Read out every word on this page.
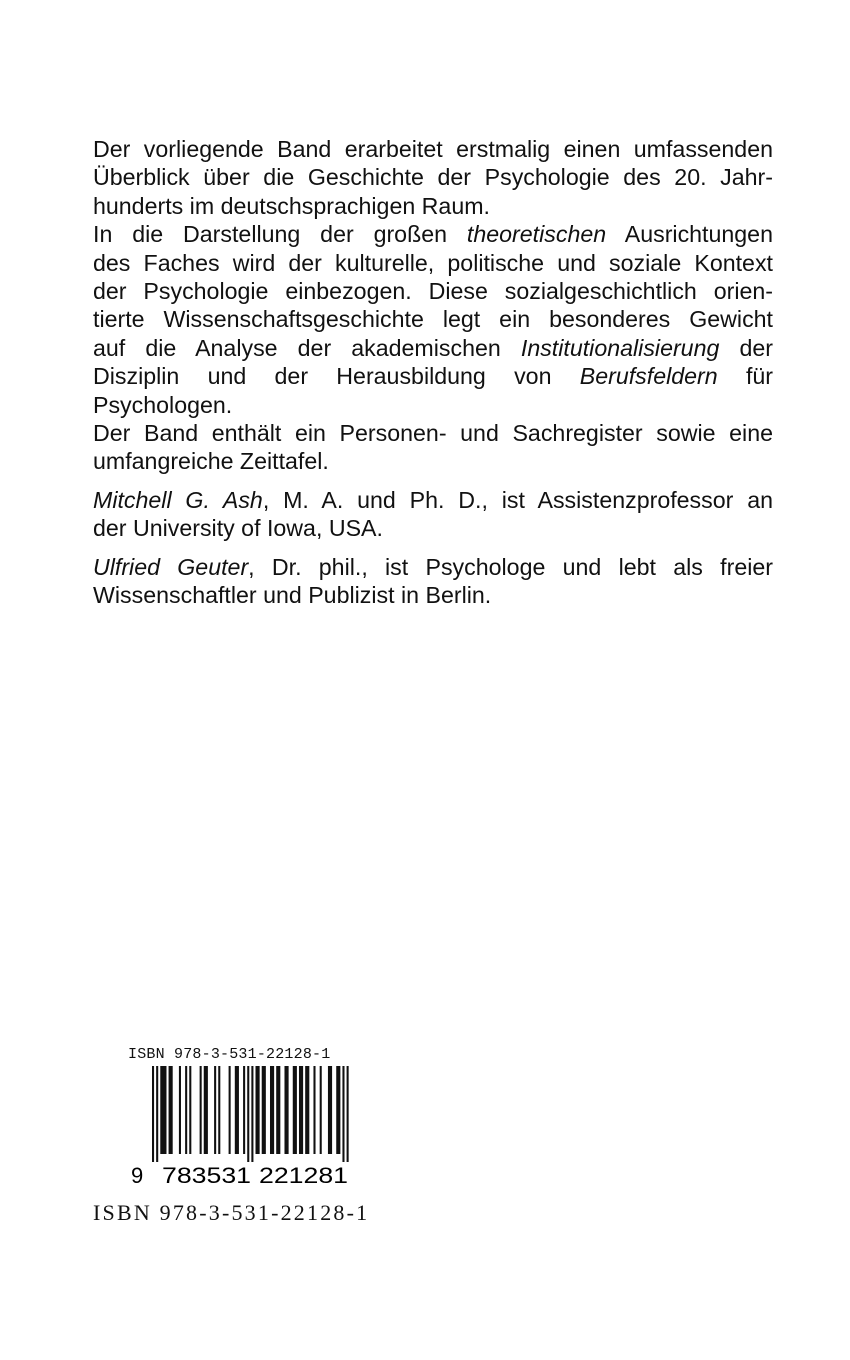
Der vorliegende Band erarbeitet erstmalig einen umfassenden

Überblick über die Geschichte der Psychologie des 20. Jahr-

hunderts im deutschsprachigen Raum.

In die Darstellung der großen theoretischen Ausrichtungen

des Faches wird der kulturelle, politische und soziale Kontext

der Psychologie einbezogen. Diese sozialgeschichtlich orien-

tierte Wissenschaftsgeschichte legt ein besonderes Gewicht

auf die Analyse der akademischen Institutionalisierung der

Disziplin und der Herausbildung von Berufsfeldern für

Psychologen.

Der Band enthält ein Personen- und Sachregister sowie eine

umfangreiche Zeittafel.

Mitchell G. Ash, M. A. und Ph. D., ist Assistenzprofessor an

der University of Iowa, USA.

Ulfried Geuter, Dr. phil., ist Psychologe und lebt als freier

Wissenschaftler und Publizist in Berlin.

ISBN 978-3-531-22128-1
9 783531 221281
ISBN 978-3-531-22128-1
